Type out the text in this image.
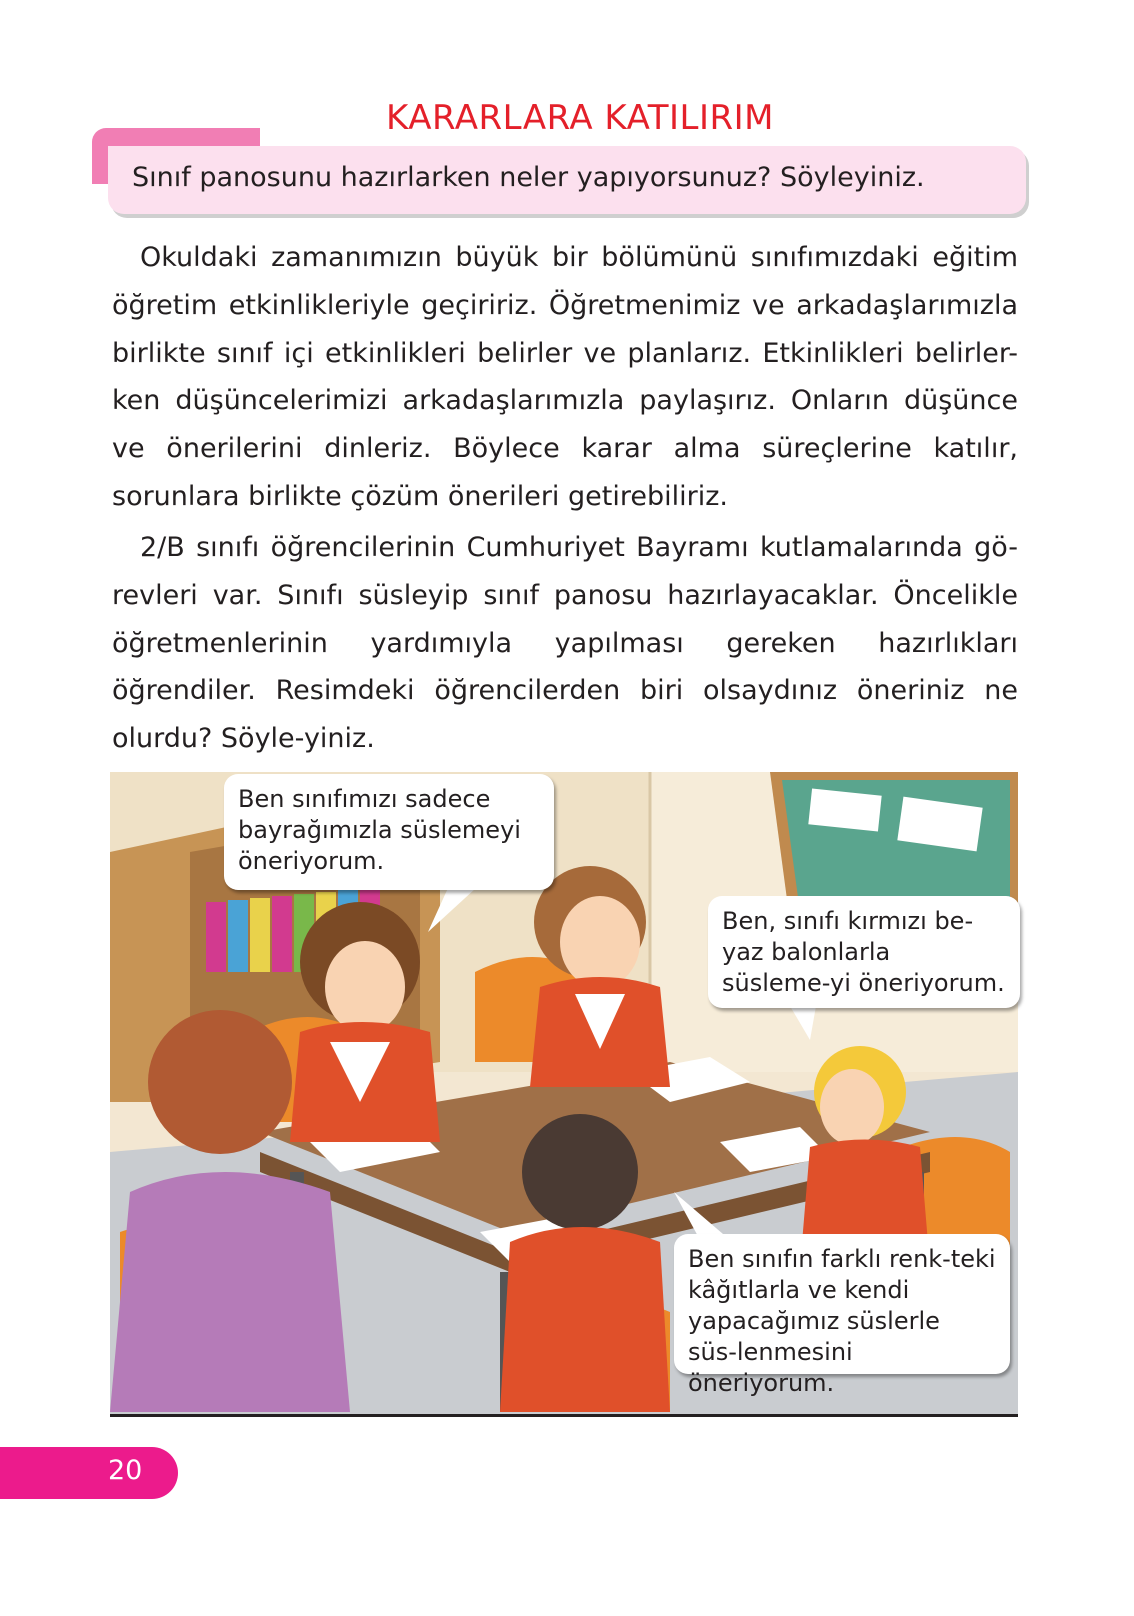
KARARLARA KATILIRIM
Sınıf panosunu hazırlarken neler yapıyorsunuz? Söyleyiniz.
Okuldaki zamanımızın büyük bir bölümünü sınıfımızdaki eğitim öğretim etkinlikleriyle geçiririz. Öğretmenimiz ve arkadaşlarımızla birlikte sınıf içi etkinlikleri belirler ve planlarız. Etkinlikleri belirler-ken düşüncelerimizi arkadaşlarımızla paylaşırız. Onların düşünce ve önerilerini dinleriz. Böylece karar alma süreçlerine katılır, sorunlara birlikte çözüm önerileri getirebiliriz.
2/B sınıfı öğrencilerinin Cumhuriyet Bayramı kutlamalarında gö-revleri var. Sınıfı süsleyip sınıf panosu hazırlayacaklar. Öncelikle öğretmenlerinin yardımıyla yapılması gereken hazırlıkları öğrendiler. Resimdeki öğrencilerden biri olsaydınız öneriniz ne olurdu? Söyle-yiniz.
Ben sınıfımızı sadece bayrağımızla süslemeyi öneriyorum.
Ben, sınıfı kırmızı be-yaz balonlarla süsleme-yi öneriyorum.
Ben sınıfın farklı renk-teki kâğıtlarla ve kendi yapacağımız süslerle süs-lenmesini öneriyorum.
20
